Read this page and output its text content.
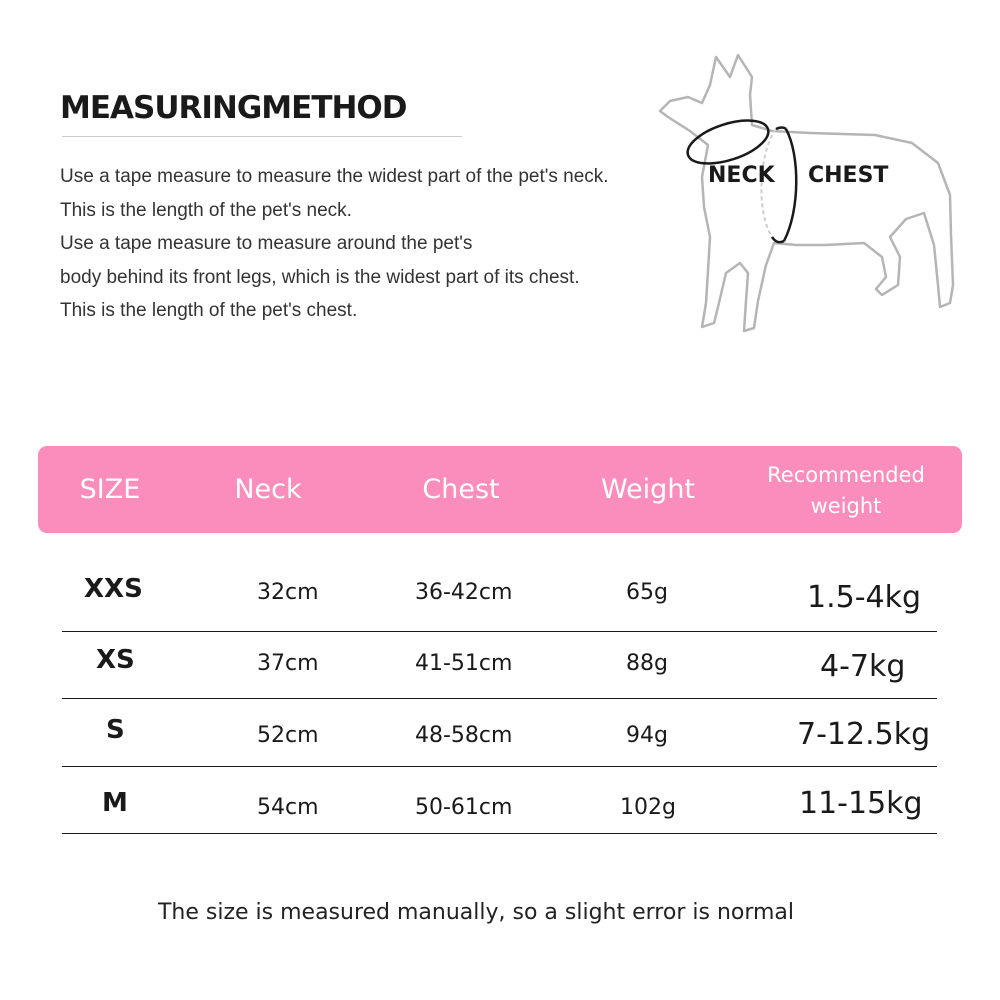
MEASURINGMETHOD
Use a tape measure to measure the widest part of the pet's neck.
This is the length of the pet's neck.
Use a tape measure to measure around the pet's
body behind its front legs, which is the widest part of its chest.
This is the length of the pet's chest.
NECK CHEST
SIZE	Neck	Chest	Weight	Recommended
weight
XXS	32cm	36-42cm	65g	1.5-4kg
XS	37cm	41-51cm	88g	4-7kg
S	52cm	48-58cm	94g	7-12.5kg
M	54cm	50-61cm	102g	11-15kg
The size is measured manually, so a slight error is normal
